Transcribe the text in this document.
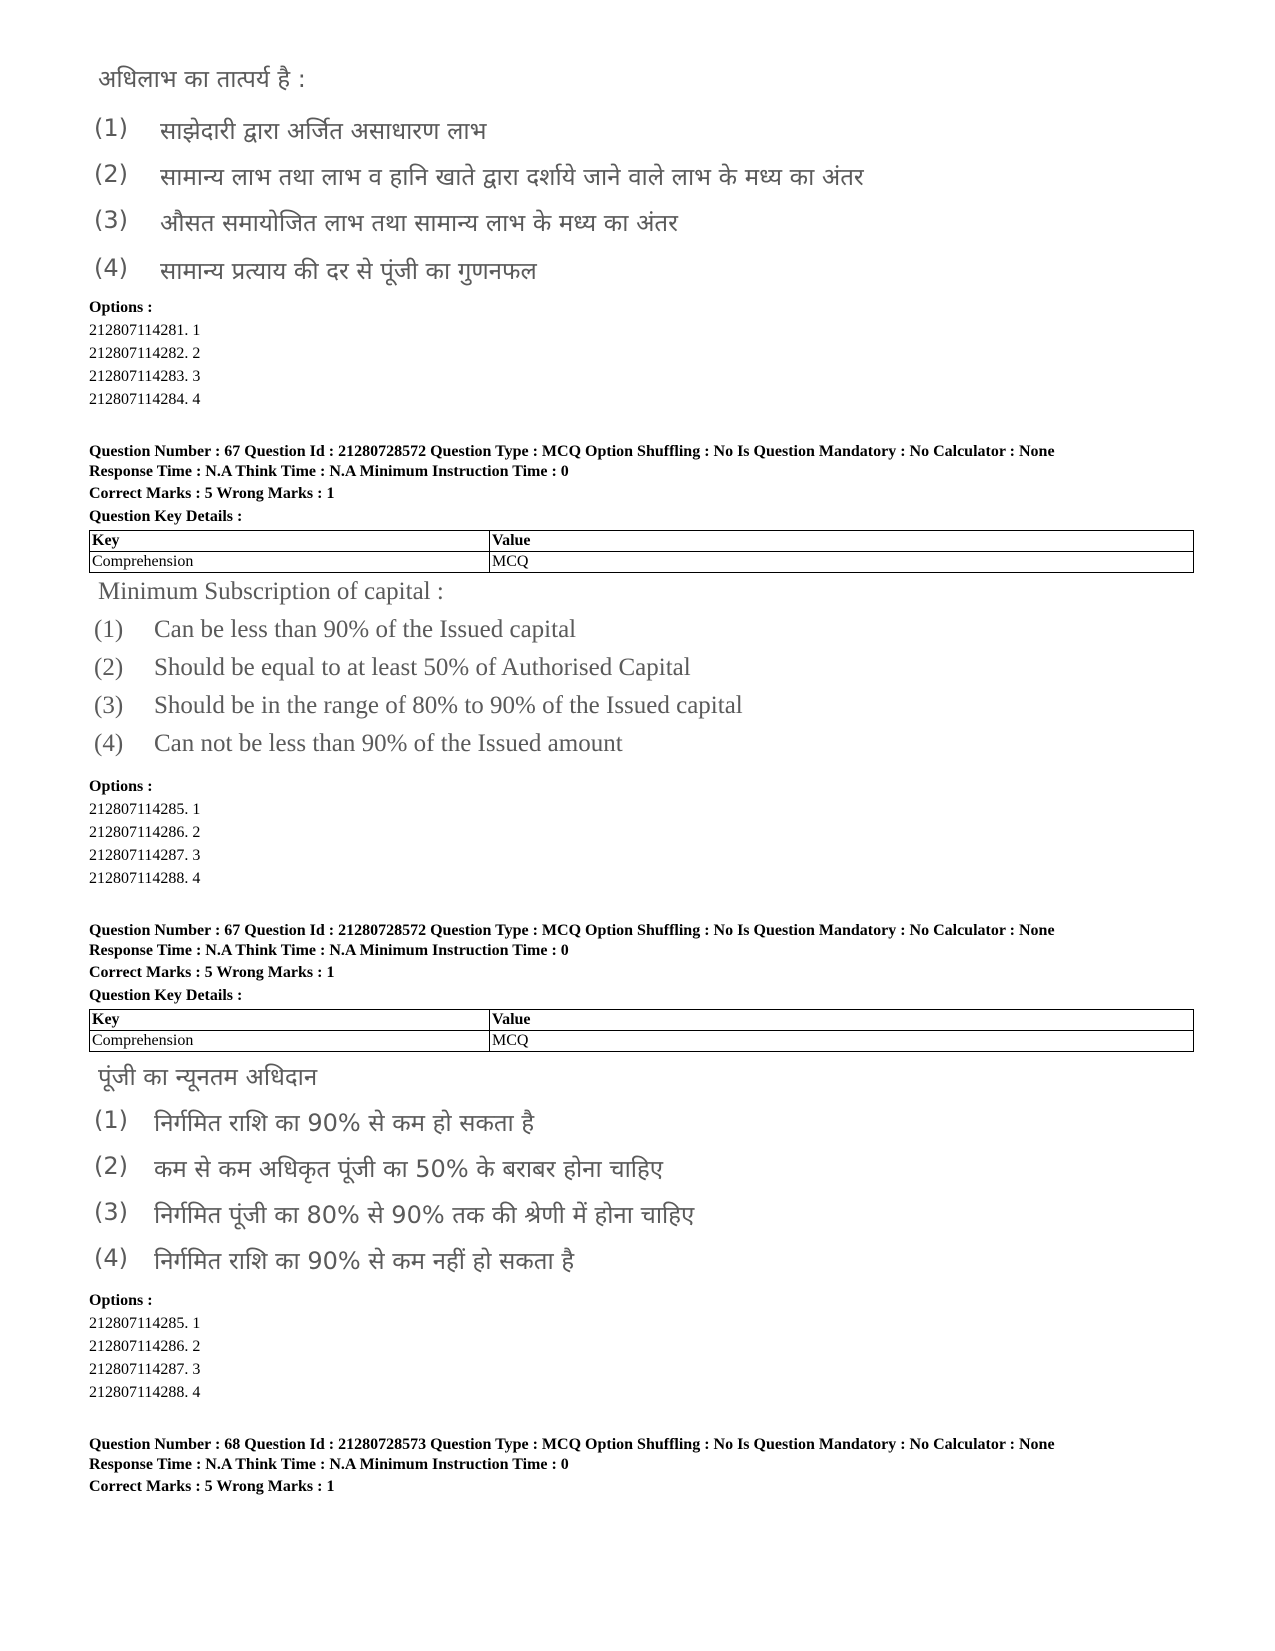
अधिलाभ का तात्पर्य है :
(1) साझेदारी द्वारा अर्जित असाधारण लाभ
(2) सामान्य लाभ तथा लाभ व हानि खाते द्वारा दर्शाये जाने वाले लाभ के मध्य का अंतर
(3) औसत समायोजित लाभ तथा सामान्य लाभ के मध्य का अंतर
(4) सामान्य प्रत्याय की दर से पूंजी का गुणनफल
Options :
212807114281. 1
212807114282. 2
212807114283. 3
212807114284. 4
Question Number : 67 Question Id : 21280728572 Question Type : MCQ Option Shuffling : No Is Question Mandatory : No Calculator : None
Response Time : N.A Think Time : N.A Minimum Instruction Time : 0
Correct Marks : 5 Wrong Marks : 1
Question Key Details :
Key	Value
Comprehension	MCQ
Minimum Subscription of capital :
(1) Can be less than 90% of the Issued capital
(2) Should be equal to at least 50% of Authorised Capital
(3) Should be in the range of 80% to 90% of the Issued capital
(4) Can not be less than 90% of the Issued amount
Options :
212807114285. 1
212807114286. 2
212807114287. 3
212807114288. 4
Question Number : 67 Question Id : 21280728572 Question Type : MCQ Option Shuffling : No Is Question Mandatory : No Calculator : None
Response Time : N.A Think Time : N.A Minimum Instruction Time : 0
Correct Marks : 5 Wrong Marks : 1
Question Key Details :
Key	Value
Comprehension	MCQ
पूंजी का न्यूनतम अधिदान
(1) निर्गमित राशि का 90% से कम हो सकता है
(2) कम से कम अधिकृत पूंजी का 50% के बराबर होना चाहिए
(3) निर्गमित पूंजी का 80% से 90% तक की श्रेणी में होना चाहिए
(4) निर्गमित राशि का 90% से कम नहीं हो सकता है
Options :
212807114285. 1
212807114286. 2
212807114287. 3
212807114288. 4
Question Number : 68 Question Id : 21280728573 Question Type : MCQ Option Shuffling : No Is Question Mandatory : No Calculator : None
Response Time : N.A Think Time : N.A Minimum Instruction Time : 0
Correct Marks : 5 Wrong Marks : 1
